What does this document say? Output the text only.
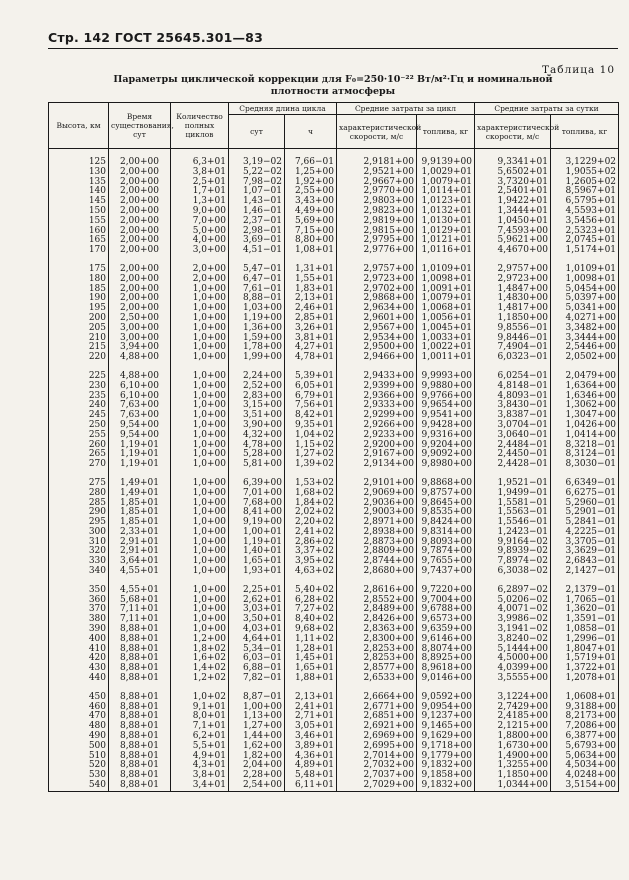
Стр. 142 ГОСТ 25645.301—83
Таблица 10
Параметры циклической коррекции для F₀=250·10⁻²² Вт/м²·Гц и номинальной
плотности атмосферы
Высота, км	Время существования, сут	Количество полных циклов	Средняя длина цикла		Средние затраты за цикл		Средние затраты за сутки	
			сут	ч	характеристической скорости, м/с	топлива, кг	характеристической скорости, м/с	топлива, кг

125	2,00+00	6,3+01	3,19−02	7,66−01	2,9181+00	9,9139+00	9,3341+01	3,1229+02
130	2,00+00	3,8+01	5,22−02	1,25+00	2,9521+00	1,0029+01	5,6502+01	1,9055+02
135	2,00+00	2,5+01	7,98−02	1,92+00	2,9667+00	1,0079+01	3,7320+01	1,2605+02
140	2,00+00	1,7+01	1,07−01	2,55+00	2,9770+00	1,0114+01	2,5401+01	8,5967+01
145	2,00+00	1,3+01	1,43−01	3,43+00	2,9803+00	1,0123+01	1,9422+01	6,5795+01
150	2,00+00	9,0+00	1,46−01	4,49+00	2,9823+00	1,0132+01	1,3444+01	4,5593+01
155	2,00+00	7,0+00	2,37−01	5,69+00	2,9819+00	1,0130+01	1,0450+01	3,5456+01
160	2,00+00	5,0+00	2,98−01	7,15+00	2,9815+00	1,0129+01	7,4593+00	2,5323+01
165	2,00+00	4,0+00	3,69−01	8,80+00	2,9795+00	1,0121+01	5,9621+00	2,0745+01
170	2,00+00	3,0+00	4,51−01	1,08+01	2,9776+00	1,0116+01	4,4670+00	1,5174+01

175	2,00+00	2,0+00	5,47−01	1,31+01	2,9757+00	1,0109+01	2,9757+00	1,0109+01
180	2,00+00	2,0+00	6,47−01	1,55+01	2,9723+00	1,0098+01	2,9723+00	1,0098+01
185	2,00+00	1,0+00	7,61−01	1,83+01	2,9702+00	1,0091+01	1,4847+00	5,0454+00
190	2,00+00	1,0+00	8,88−01	2,13+01	2,9868+00	1,0079+01	1,4830+00	5,0397+00
195	2,00+00	1,0+00	1,03+00	2,46+01	2,9634+00	1,0068+01	1,4817+00	5,0341+00
200	2,50+00	1,0+00	1,19+00	2,85+01	2,9601+00	1,0056+01	1,1850+00	4,0271+00
205	3,00+00	1,0+00	1,36+00	3,26+01	2,9567+00	1,0045+01	9,8556−01	3,3482+00
210	3,00+00	1,0+00	1,59+00	3,81+01	2,9534+00	1,0033+01	9,8446−01	3,3444+00
215	3,94+00	1,0+00	1,78+00	4,27+01	2,9500+00	1,0022+01	7,4904−01	2,5446+00
220	4,88+00	1,0+00	1,99+00	4,78+01	2,9466+00	1,0011+01	6,0323−01	2,0502+00

225	4,88+00	1,0+00	2,24+00	5,39+01	2,9433+00	9,9993+00	6,0254−01	2,0479+00
230	6,10+00	1,0+00	2,52+00	6,05+01	2,9399+00	9,9880+00	4,8148−01	1,6364+00
235	6,10+00	1,0+00	2,83+00	6,79+01	2,9366+00	9,9766+00	4,8093−01	1,6346+00
240	7,63+00	1,0+00	3,15+00	7,56+01	2,9333+00	9,9654+00	3,8430−01	1,3062+00
245	7,63+00	1,0+00	3,51+00	8,42+01	2,9299+00	9,9541+00	3,8387−01	1,3047+00
250	9,54+00	1,0+00	3,90+00	9,35+01	2,9266+00	9,9428+00	3,0704−01	1,0426+00
255	9,54+00	1,0+00	4,32+00	1,04+02	2,9233+00	9,9316+00	3,0640−01	1,0414+00
260	1,19+01	1,0+00	4,78+00	1,15+02	2,9200+00	9,9204+00	2,4484−01	8,3218−01
265	1,19+01	1,0+00	5,28+00	1,27+02	2,9167+00	9,9092+00	2,4450−01	8,3124−01
270	1,19+01	1,0+00	5,81+00	1,39+02	2,9134+00	9,8980+00	2,4428−01	8,3030−01

275	1,49+01	1,0+00	6,39+00	1,53+02	2,9101+00	9,8868+00	1,9521−01	6,6349−01
280	1,49+01	1,0+00	7,01+00	1,68+02	2,9069+00	9,8757+00	1,9499−01	6,6275−01
285	1,85+01	1,0+00	7,68+00	1,84+02	2,9036+00	9,8645+00	1,5581−01	5,2960−01
290	1,85+01	1,0+00	8,41+00	2,02+02	2,9003+00	9,8535+00	1,5563−01	5,2901−01
295	1,85+01	1,0+00	9,19+00	2,20+02	2,8971+00	9,8424+00	1,5546−01	5,2841−01
300	2,33+01	1,0+00	1,00+01	2,41+02	2,8938+00	9,8314+00	1,2423−01	4,2225−01
310	2,91+01	1,0+00	1,19+01	2,86+02	2,8873+00	9,8093+00	9,9164−02	3,3705−01
320	2,91+01	1,0+00	1,40+01	3,37+02	2,8809+00	9,7874+00	9,8939−02	3,3629−01
330	3,64+01	1,0+00	1,65+01	3,95+02	2,8744+00	9,7655+00	7,8974−02	2,6843−01
340	4,55+01	1,0+00	1,93+01	4,63+02	2,8680+00	9,7437+00	6,3038−02	2,1427−01

350	4,55+01	1,0+00	2,25+01	5,40+02	2,8616+00	9,7220+00	6,2897−02	2,1379−01
360	5,68+01	1,0+00	2,62+01	6,28+02	2,8552+00	9,7004+00	5,0206−02	1,7065−01
370	7,11+01	1,0+00	3,03+01	7,27+02	2,8489+00	9,6788+00	4,0071−02	1,3620−01
380	7,11+01	1,0+00	3,50+01	8,40+02	2,8426+00	9,6573+00	3,9986−02	1,3591−01
390	8,88+01	1,0+00	4,03+01	9,68+02	2,8363+00	9,6359+00	3,1941−02	1,0858−01
400	8,88+01	1,2+00	4,64+01	1,11+02	2,8300+00	9,6146+00	3,8240−02	1,2996−01
410	8,88+01	1,8+02	5,34−01	1,28+01	2,8253+00	8,8074+00	5,1444+00	1,8047+01
420	8,88+01	1,6+02	6,03−01	1,45+01	2,8253+00	8,8925+00	4,5000+00	1,5719+01
430	8,88+01	1,4+02	6,88−01	1,65+01	2,8577+00	8,9618+00	4,0399+00	1,3722+01
440	8,88+01	1,2+02	7,82−01	1,88+01	2,6533+00	9,0146+00	3,5555+00	1,2078+01

450	8,88+01	1,0+02	8,87−01	2,13+01	2,6664+00	9,0592+00	3,1224+00	1,0608+01
460	8,88+01	9,1+01	1,00+00	2,41+01	2,6771+00	9,0954+00	2,7429+00	9,3188+00
470	8,88+01	8,0+01	1,13+00	2,71+01	2,6851+00	9,1237+00	2,4185+00	8,2173+00
480	8,88+01	7,1+01	1,27+00	3,05+01	2,6921+00	9,1465+00	2,1215+00	7,2086+00
490	8,88+01	6,2+01	1,44+00	3,46+01	2,6969+00	9,1629+00	1,8800+00	6,3877+00
500	8,88+01	5,5+01	1,62+00	3,89+01	2,6995+00	9,1718+00	1,6730+00	5,6793+00
510	8,88+01	4,9+01	1,82+00	4,36+01	2,7014+00	9,1779+00	1,4900+00	5,0634+00
520	8,88+01	4,3+01	2,04+00	4,89+01	2,7032+00	9,1832+00	1,3255+00	4,5034+00
530	8,88+01	3,8+01	2,28+00	5,48+01	2,7037+00	9,1858+00	1,1850+00	4,0248+00
540	8,88+01	3,4+01	2,54+00	6,11+01	2,7029+00	9,1832+00	1,0344+00	3,5154+00
